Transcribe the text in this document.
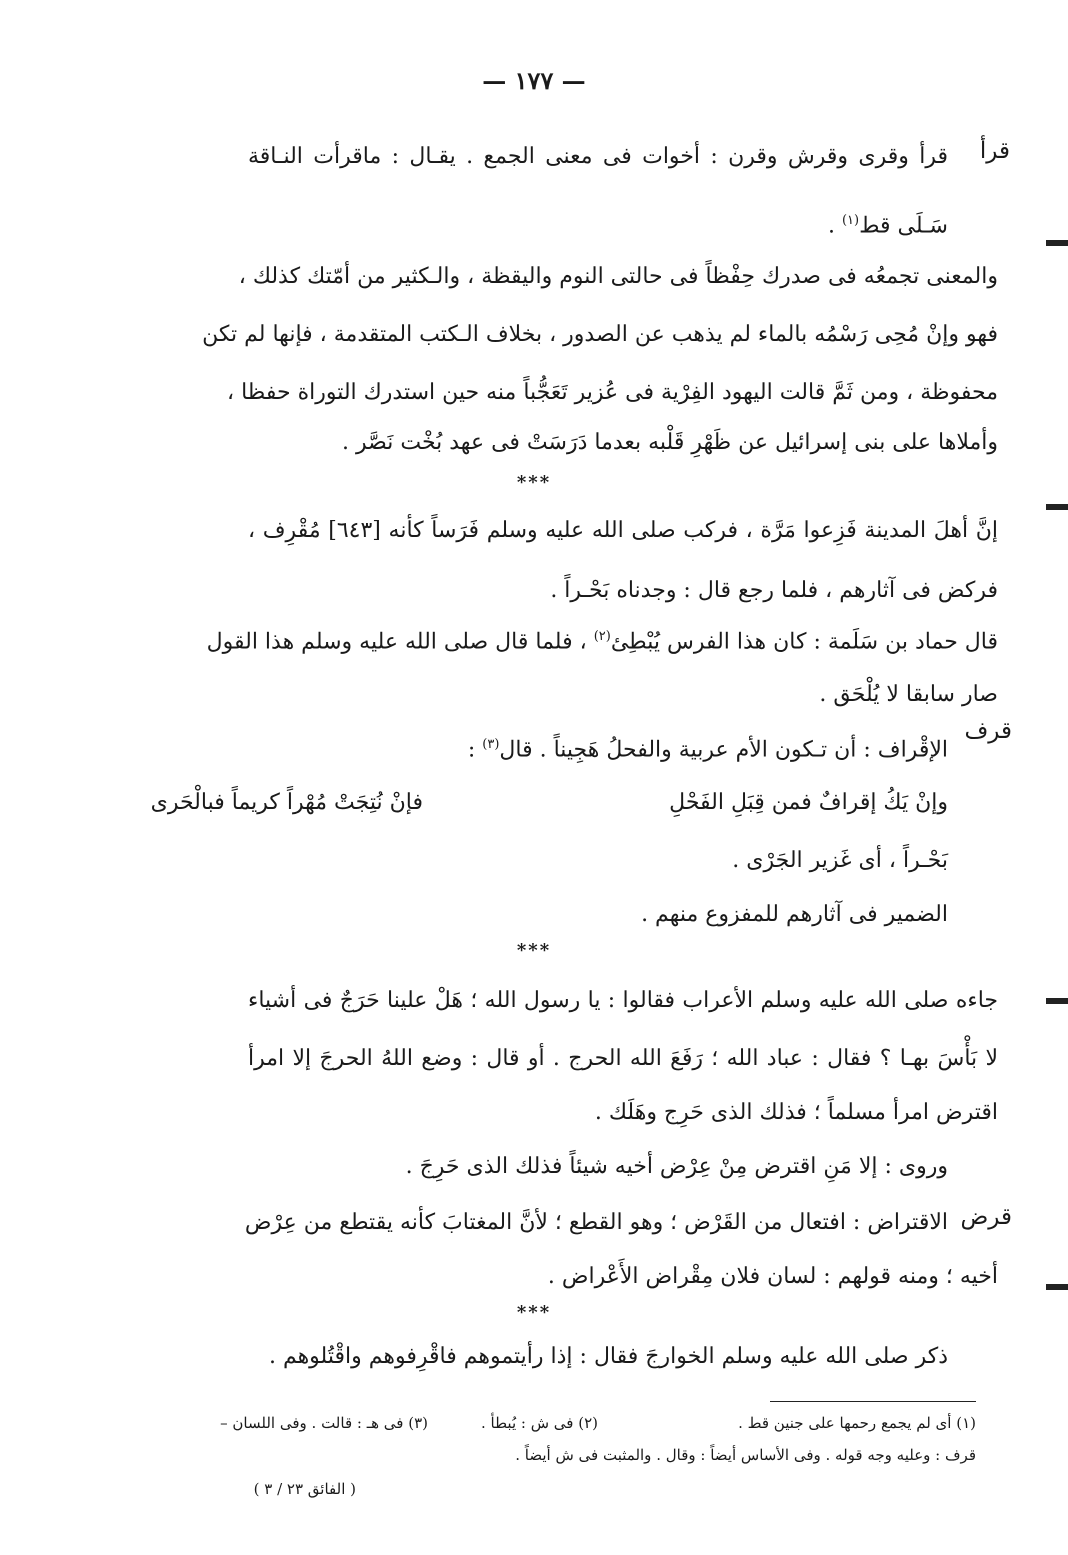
— ١٧٧ —
قرأ
قرف
قرض
قرأ وقرى وقرش وقرن : أخوات فى معنى الجمع . يقـال : ماقرأت النـاقة
سَـلَى قط$^{(١)}$ .
والمعنى تجمعُه فى صدرك حِفْظاً فى حالتى النوم واليقظة ، والـكثير من أمّتك كذلك ،
فهو وإنْ مُحِى رَسْمُه بالماء لم يذهب عن الصدور ، بخلاف الـكتب المتقدمة ، فإنها لم تكن
محفوظة ، ومن ثَمَّ قالت اليهود الفِرْية فى عُزير تَعَجُّباً منه حين استدرك التوراة حفظا ،
وأملاها على بنى إسرائيل عن ظَهْرِ قَلْبه بعدما دَرَسَتْ فى عهد بُخْت نَصَّر .
***
إنَّ أهلَ المدينة فَزِعوا مَرَّة ، فركب صلى الله عليه وسلم فَرَساً كأنه [٦٤٣] مُقْرِف ،
فركض فى آثارهم ، فلما رجع قال : وجدناه بَحْـراً .
قال حماد بن سَلَمة : كان هذا الفرس يُبْطِئ$^{(٢)}$ ، فلما قال صلى الله عليه وسلم هذا القول
صار سابقا لا يُلْحَق .
الإقْراف : أن تـكون الأم عربية والفحلُ هَجِيناً . قال$^{(٣)}$ :
فإنْ نُتِجَتْ مُهْراً كريماً فبالْحَرى	وإنْ يَكُ إقرافٌ فمن قِبَلِ الفَحْلِ
بَحْـراً ، أى غَزير الجَرْى .
الضمير فى آثارهم للمفزوع منهم .
***
جاءه صلى الله عليه وسلم الأعراب فقالوا : يا رسول الله ؛ هَلْ علينا حَرَجٌ فى أشياء
لا بَأْسَ بهـا ؟ فقال : عباد الله ؛ رَفَعَ الله الحرج . أو قال : وضع اللهُ الحرجَ إلا امرأ
اقترض امرأ مسلماً ؛ فذلك الذى حَرِج وهَلَك .
وروى : إلا مَنِ اقترض مِنْ عِرْض أخيه شيئاً فذلك الذى حَرِجَ .
الاقتراض : افتعال من القَرْض ؛ وهو القطع ؛ لأنَّ المغتابَ كأنه يقتطع من عِرْض
أخيه ؛ ومنه قولهم : لسان فلان مِقْراض الأَعْراض .
***
ذكر صلى الله عليه وسلم الخوارجَ فقال : إذا رأيتموهم فاقْرِفوهم واقْتُلوهم .
(١) أى لم يجمع رحمها على جنين قط .
(٢) فى ش : يُبطأ .
(٣) فى هـ : قالت . وفى اللسان –
قرف : وعليه وجه قوله . وفى الأساس أيضاً : وقال . والمثبت فى ش أيضاً .
( الفائق ٢٣ / ٣ )
